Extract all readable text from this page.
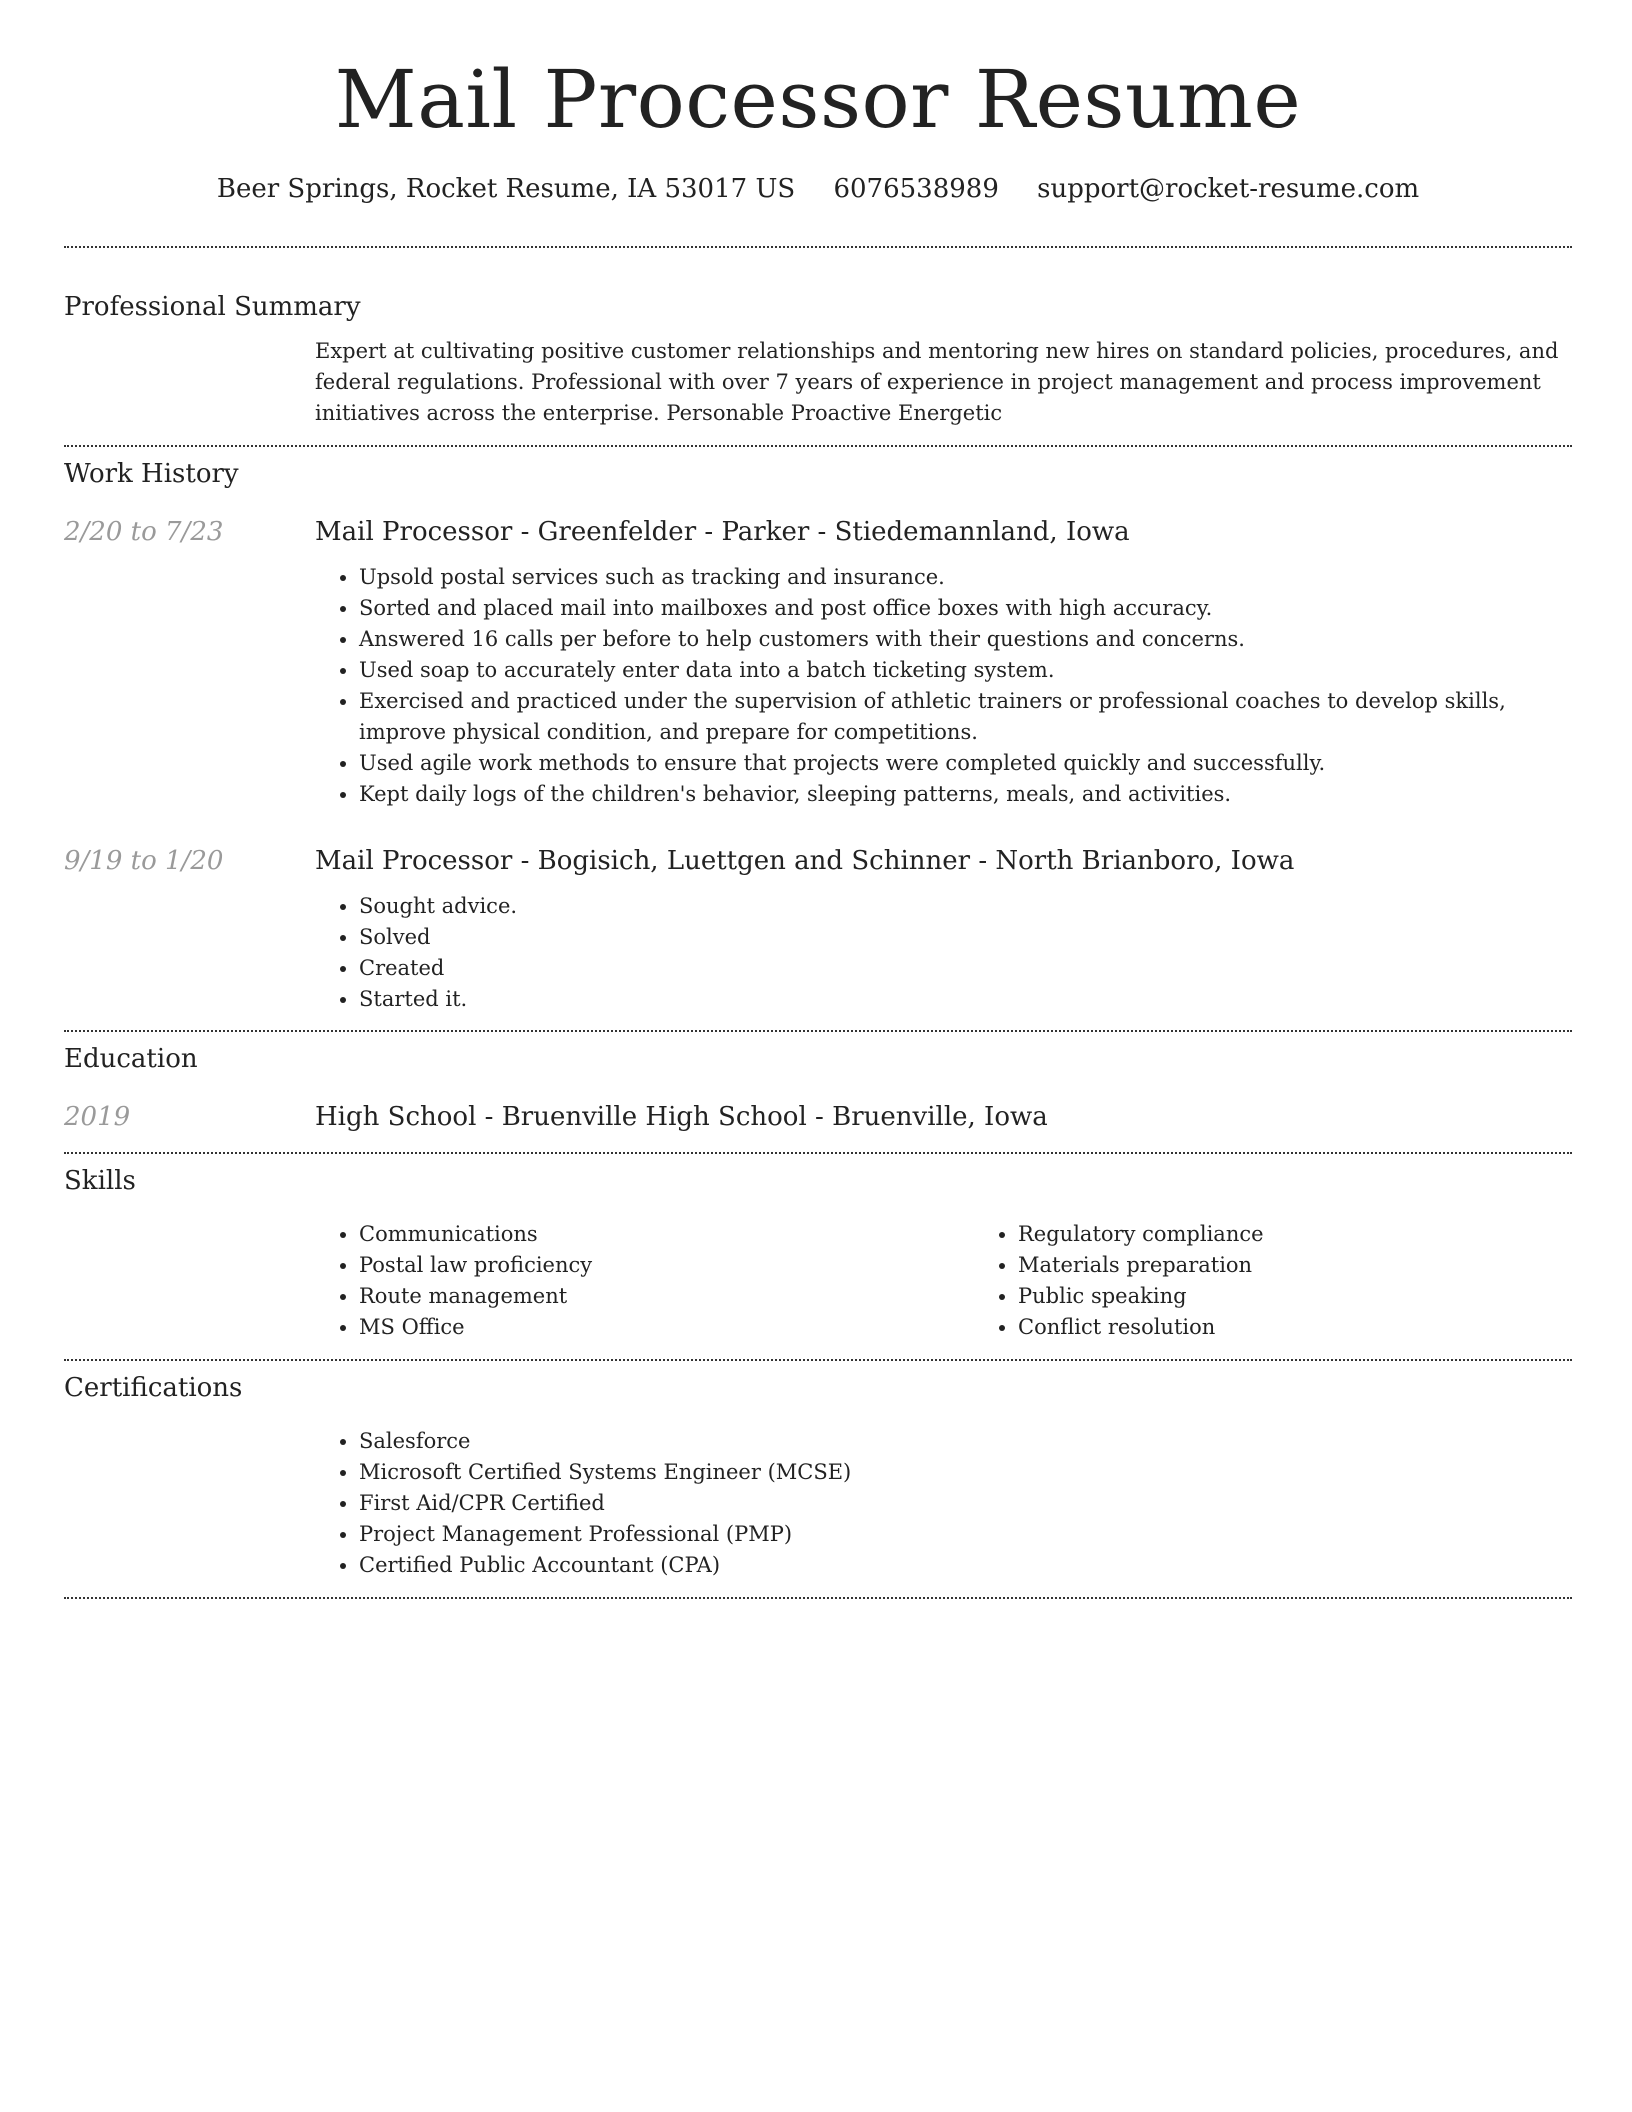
Mail Processor Resume
Beer Springs, Rocket Resume, IA 53017 US 6076538989 support@rocket-resume.com
Professional Summary
Expert at cultivating positive customer relationships and mentoring new hires on standard policies, procedures, and federal regulations. Professional with over 7 years of experience in project management and process improvement initiatives across the enterprise. Personable Proactive Energetic
Work History
2/20 to 7/23	Mail Processor - Greenfelder - Parker - Stiedemannland, Iowa
• Upsold postal services such as tracking and insurance.
• Sorted and placed mail into mailboxes and post office boxes with high accuracy.
• Answered 16 calls per before to help customers with their questions and concerns.
• Used soap to accurately enter data into a batch ticketing system.
• Exercised and practiced under the supervision of athletic trainers or professional coaches to develop skills, improve physical condition, and prepare for competitions.
• Used agile work methods to ensure that projects were completed quickly and successfully.
• Kept daily logs of the children's behavior, sleeping patterns, meals, and activities.
9/19 to 1/20	Mail Processor - Bogisich, Luettgen and Schinner - North Brianboro, Iowa
• Sought advice.
• Solved
• Created
• Started it.
Education
2019	High School - Bruenville High School - Bruenville, Iowa
Skills
• Communications
• Postal law proficiency
• Route management
• MS Office
• Regulatory compliance
• Materials preparation
• Public speaking
• Conflict resolution
Certifications
• Salesforce
• Microsoft Certified Systems Engineer (MCSE)
• First Aid/CPR Certified
• Project Management Professional (PMP)
• Certified Public Accountant (CPA)
